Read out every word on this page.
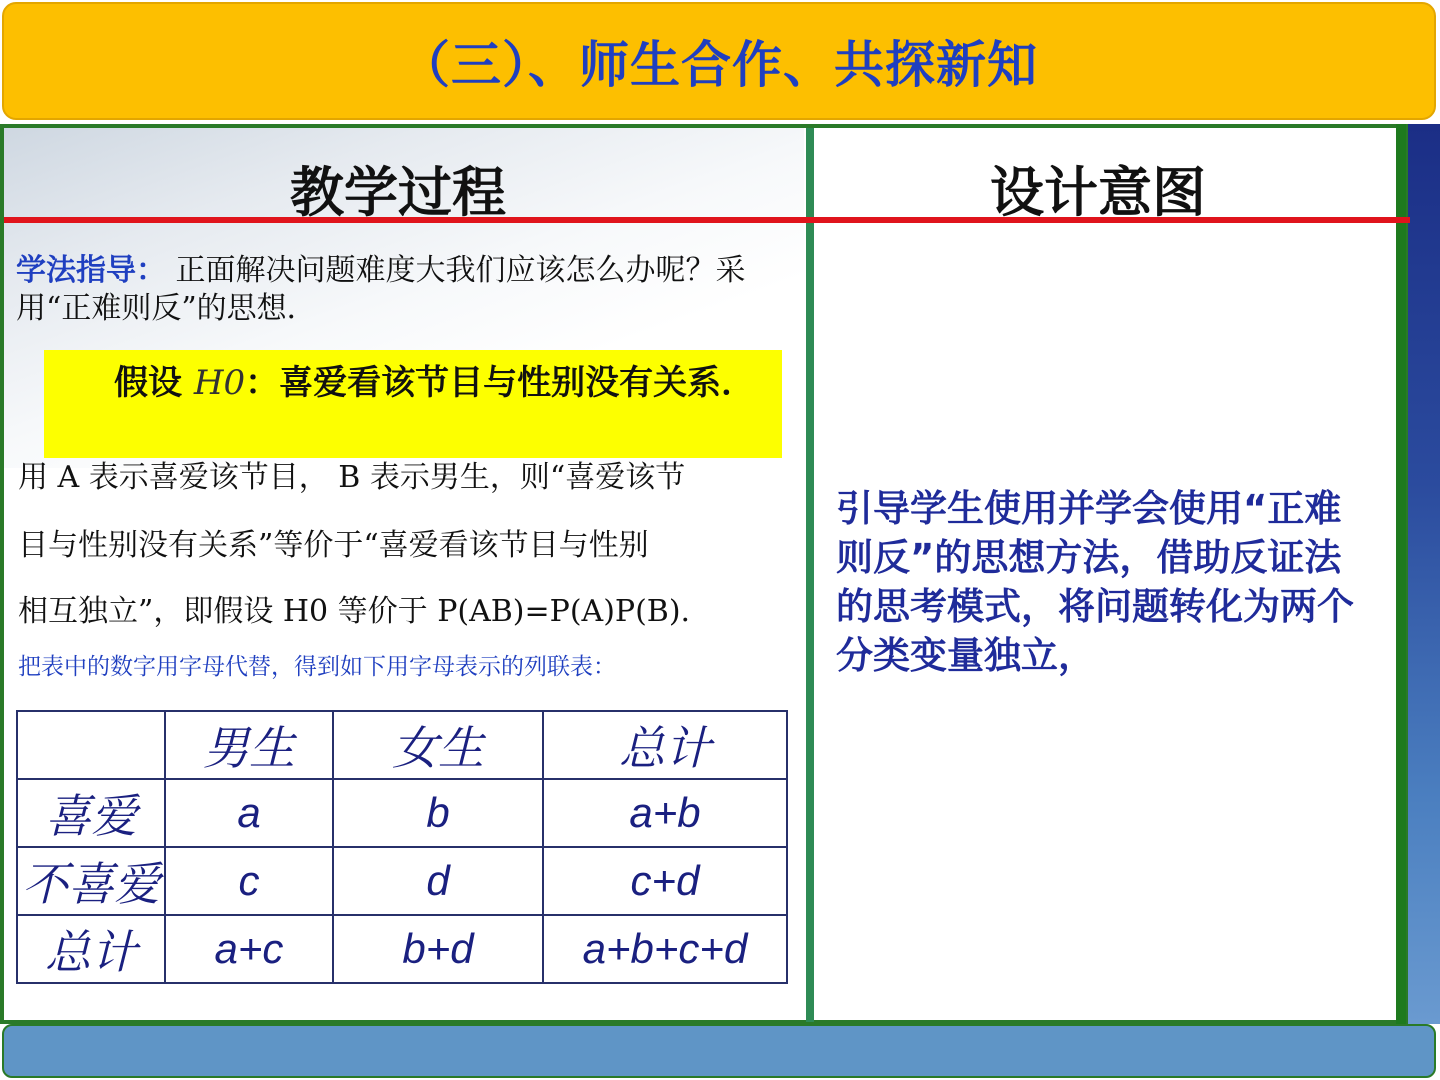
（三）、师生合作、共探新知
教学过程	设计意图
学法指导： 正面解决问题难度大我们应该怎么办呢？采用“正难则反”的思想．
假设 H0：喜爱看该节目与性别没有关系．
用 A 表示喜爱该节目， B 表示男生，则“喜爱该节
目与性别没有关系”等价于“喜爱看该节目与性别
相互独立”，即假设 H0 等价于 P(AB)=P(A)P(B).
把表中的数字用字母代替，得到如下用字母表示的列联表：
	男生	女生	总计
喜爱	a	b	a+b
不喜爱	c	d	c+d
总计	a+c	b+d	a+b+c+d
引导学生使用并学会使用“正难则反”的思想方法，借助反证法的思考模式，将问题转化为两个分类变量独立，
